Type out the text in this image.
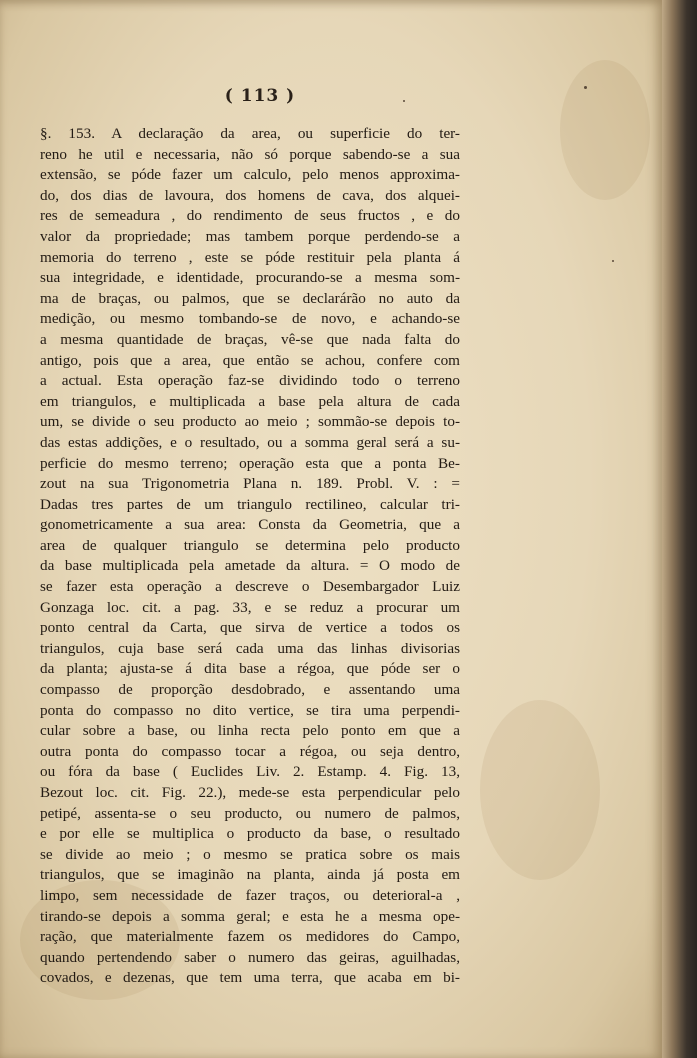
( 113 )
§. 153. A declaração da area, ou superficie do ter-
reno he util e necessaria, não só porque sabendo-se a sua
extensão, se póde fazer um calculo, pelo menos approxima-
do, dos dias de lavoura, dos homens de cava, dos alquei-
res de semeadura , do rendimento de seus fructos , e do
valor da propriedade; mas tambem porque perdendo-se a
memoria do terreno , este se póde restituir pela planta á
sua integridade, e identidade, procurando-se a mesma som-
ma de braças, ou palmos, que se declarárão no auto da
medição, ou mesmo tombando-se de novo, e achando-se
a mesma quantidade de braças, vê-se que nada falta do
antigo, pois que a area, que então se achou, confere com
a actual. Esta operação faz-se dividindo todo o terreno
em triangulos, e multiplicada a base pela altura de cada
um, se divide o seu producto ao meio ; sommão-se depois to-
das estas addições, e o resultado, ou a somma geral será a su-
perficie do mesmo terreno; operação esta que a ponta Be-
zout na sua Trigonometria Plana n. 189. Probl. V. : =
Dadas tres partes de um triangulo rectilineo, calcular tri-
gonometricamente a sua area: Consta da Geometria, que a
area de qualquer triangulo se determina pelo producto
da base multiplicada pela ametade da altura. = O modo de
se fazer esta operação a descreve o Desembargador Luiz
Gonzaga loc. cit. a pag. 33, e se reduz a procurar um
ponto central da Carta, que sirva de vertice a todos os
triangulos, cuja base será cada uma das linhas divisorias
da planta; ajusta-se á dita base a régoa, que póde ser o
compasso de proporção desdobrado, e assentando uma
ponta do compasso no dito vertice, se tira uma perpendi-
cular sobre a base, ou linha recta pelo ponto em que a
outra ponta do compasso tocar a régoa, ou seja dentro,
ou fóra da base ( Euclides Liv. 2. Estamp. 4. Fig. 13,
Bezout loc. cit. Fig. 22.), mede-se esta perpendicular pelo
petipé, assenta-se o seu producto, ou numero de palmos,
e por elle se multiplica o producto da base, o resultado
se divide ao meio ; o mesmo se pratica sobre os mais
triangulos, que se imaginão na planta, ainda já posta em
limpo, sem necessidade de fazer traços, ou deterioral-a ,
tirando-se depois a somma geral; e esta he a mesma ope-
ração, que materialmente fazem os medidores do Campo,
quando pertendendo saber o numero das geiras, aguilhadas,
covados, e dezenas, que tem uma terra, que acaba em bi-
